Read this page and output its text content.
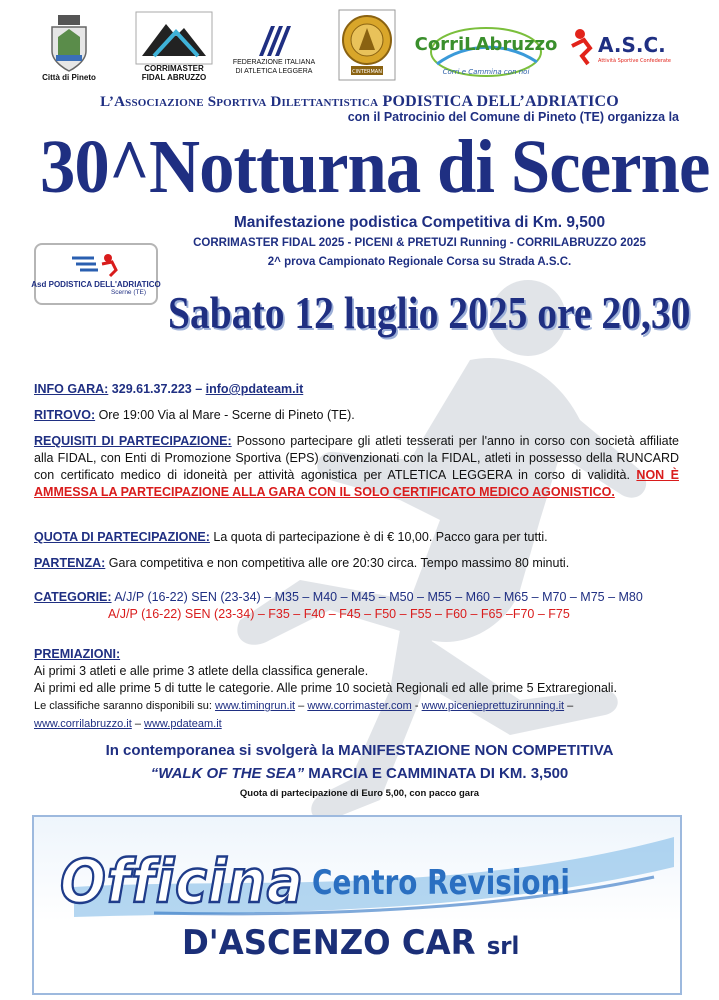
Città di Pineto
CORRIMASTER
FIDAL ABRUZZO
FEDERAZIONE ITALIANA
DI ATLETICA LEGGERA	CINTERMAN
CorriLAbruzzo
Corri e Cammina con noi
A.S.C.
Attività Sportive Confederate
L’Associazione Sportiva Dilettantistica PODISTICA DELL’ADRIATICO
con il Patrocinio del Comune di Pineto (TE) organizza la
30^Notturna di Scerne
Manifestazione podistica Competitiva di Km. 9,500
CORRIMASTER FIDAL 2025 - PICENI & PRETUZI Running - CORRILABRUZZO 2025
2^ prova Campionato Regionale Corsa su Strada A.S.C.
Asd PODISTICA DELL'ADRIATICO
Scerne (TE) Sabato 12 luglio 2025 ore 20,30
INFO GARA: 329.61.37.223 – info@pdateam.it
RITROVO: Ore 19:00 Via al Mare - Scerne di Pineto (TE).
REQUISITI DI PARTECIPAZIONE: Possono partecipare gli atleti tesserati per l'anno in corso con società affiliate alla FIDAL, con Enti di Promozione Sportiva (EPS) convenzionati con la FIDAL, atleti in possesso della RUNCARD con certificato medico di idoneità per attività agonistica per ATLETICA LEGGERA in corso di validità. NON È AMMESSA LA PARTECIPAZIONE ALLA GARA CON IL SOLO CERTIFICATO MEDICO AGONISTICO.
QUOTA DI PARTECIPAZIONE: La quota di partecipazione è di € 10,00. Pacco gara per tutti.
PARTENZA: Gara competitiva e non competitiva alle ore 20:30 circa. Tempo massimo 80 minuti.
CATEGORIE: A/J/P (16-22) SEN (23-34) – M35 – M40 – M45 – M50 – M55 – M60 – M65 – M70 – M75 – M80
A/J/P (16-22) SEN (23-34) – F35 – F40 – F45 – F50 – F55 – F60 – F65 –F70 – F75
PREMIAZIONI:
Ai primi 3 atleti e alle prime 3 atlete della classifica generale.
Ai primi ed alle prime 5 di tutte le categorie. Alle prime 10 società Regionali ed alle prime 5 Extraregionali.
Le classifiche saranno disponibili su: www.timingrun.it – www.corrimaster.com - www.picenieprettuzirunning.it –
www.corrilabruzzo.it – www.pdateam.it
In contemporanea si svolgerà la MANIFESTAZIONE NON COMPETITIVA
“WALK OF THE SEA” MARCIA E CAMMINATA DI KM. 3,500
Quota di partecipazione di Euro 5,00, con pacco gara
Officina Centro Revisioni
D'ASCENZO CAR srl
